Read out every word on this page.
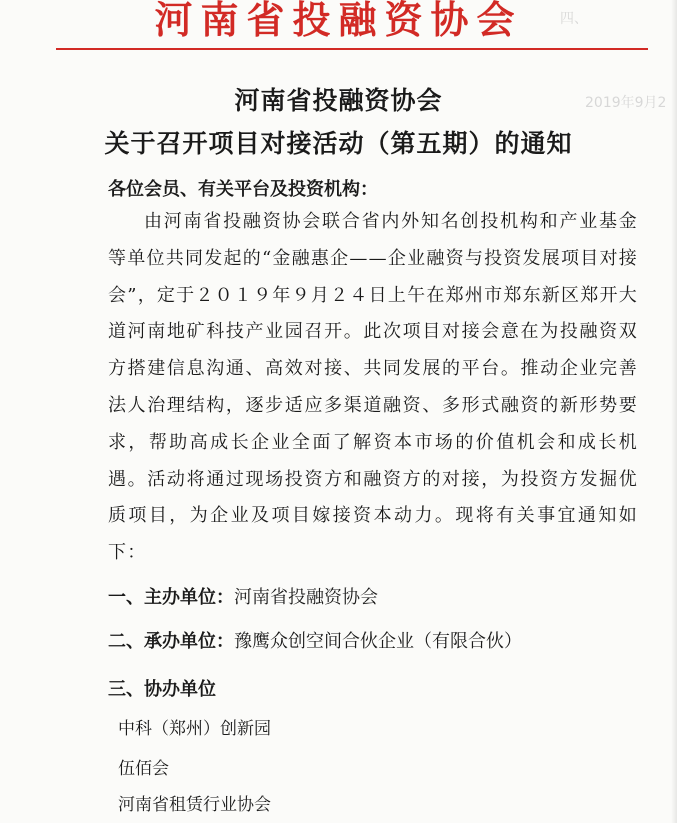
四、
2019年9月2
河南省投融资协会
河南省投融资协会
关于召开项目对接活动（第五期）的通知
各位会员、有关平台及投资机构：
由河南省投融资协会联合省内外知名创投机构和产业基金等单位共同发起的“金融惠企——企业融资与投资发展项目对接会”，定于２０１９年９月２４日上午在郑州市郑东新区郑开大道河南地矿科技产业园召开。此次项目对接会意在为投融资双方搭建信息沟通、高效对接、共同发展的平台。推动企业完善法人治理结构，逐步适应多渠道融资、多形式融资的新形势要求，帮助高成长企业全面了解资本市场的价值机会和成长机遇。活动将通过现场投资方和融资方的对接，为投资方发掘优质项目，为企业及项目嫁接资本动力。现将有关事宜通知如下：
一、主办单位：河南省投融资协会
二、承办单位：豫鹰众创空间合伙企业（有限合伙）
三、协办单位
中科（郑州）创新园
伍佰会
河南省租赁行业协会
